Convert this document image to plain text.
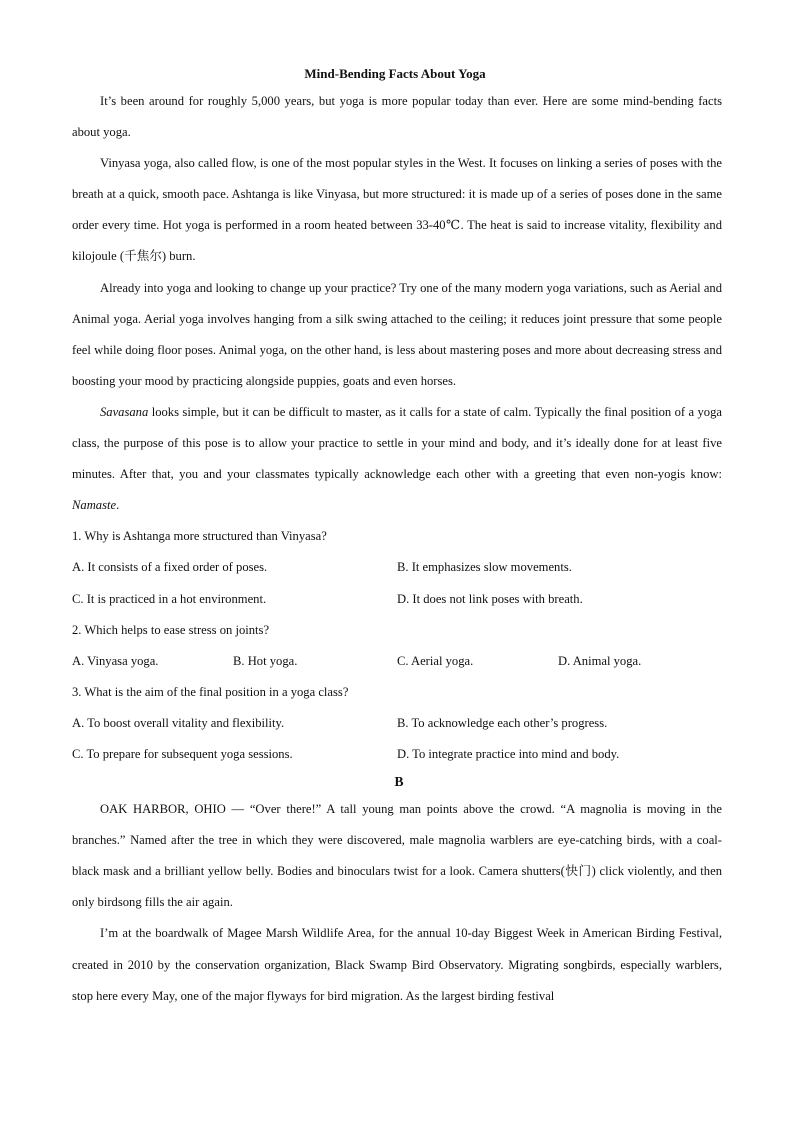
Mind-Bending Facts About Yoga

It’s been around for roughly 5,000 years, but yoga is more popular today than ever. Here are some mind-bending facts about yoga.

Vinyasa yoga, also called flow, is one of the most popular styles in the West. It focuses on linking a series of poses with the breath at a quick, smooth pace. Ashtanga is like Vinyasa, but more structured: it is made up of a series of poses done in the same order every time. Hot yoga is performed in a room heated between 33-40℃. The heat is said to increase vitality, flexibility and kilojoule (千焦尔) burn.

Already into yoga and looking to change up your practice? Try one of the many modern yoga variations, such as Aerial and Animal yoga. Aerial yoga involves hanging from a silk swing attached to the ceiling; it reduces joint pressure that some people feel while doing floor poses. Animal yoga, on the other hand, is less about mastering poses and more about decreasing stress and boosting your mood by practicing alongside puppies, goats and even horses.

Savasana looks simple, but it can be difficult to master, as it calls for a state of calm. Typically the final position of a yoga class, the purpose of this pose is to allow your practice to settle in your mind and body, and it’s ideally done for at least five minutes. After that, you and your classmates typically acknowledge each other with a greeting that even non-yogis know: Namaste.

1. Why is Ashtanga more structured than Vinyasa?

A. It consists of a fixed order of poses.	B. It emphasizes slow movements.
C. It is practiced in a hot environment.	D. It does not link poses with breath.

2. Which helps to ease stress on joints?

A. Vinyasa yoga.	B. Hot yoga.	C. Aerial yoga.	D. Animal yoga.

3. What is the aim of the final position in a yoga class?

A. To boost overall vitality and flexibility.	B. To acknowledge each other’s progress.
C. To prepare for subsequent yoga sessions.	D. To integrate practice into mind and body.
B

OAK HARBOR, OHIO — “Over there!” A tall young man points above the crowd. “A magnolia is moving in the branches.” Named after the tree in which they were discovered, male magnolia warblers are eye-catching birds, with a coal-black mask and a brilliant yellow belly. Bodies and binoculars twist for a look. Camera shutters(快门) click violently, and then only birdsong fills the air again.

I’m at the boardwalk of Magee Marsh Wildlife Area, for the annual 10-day Biggest Week in American Birding Festival, created in 2010 by the conservation organization, Black Swamp Bird Observatory. Migrating songbirds, especially warblers, stop here every May, one of the major flyways for bird migration. As the largest birding festival
